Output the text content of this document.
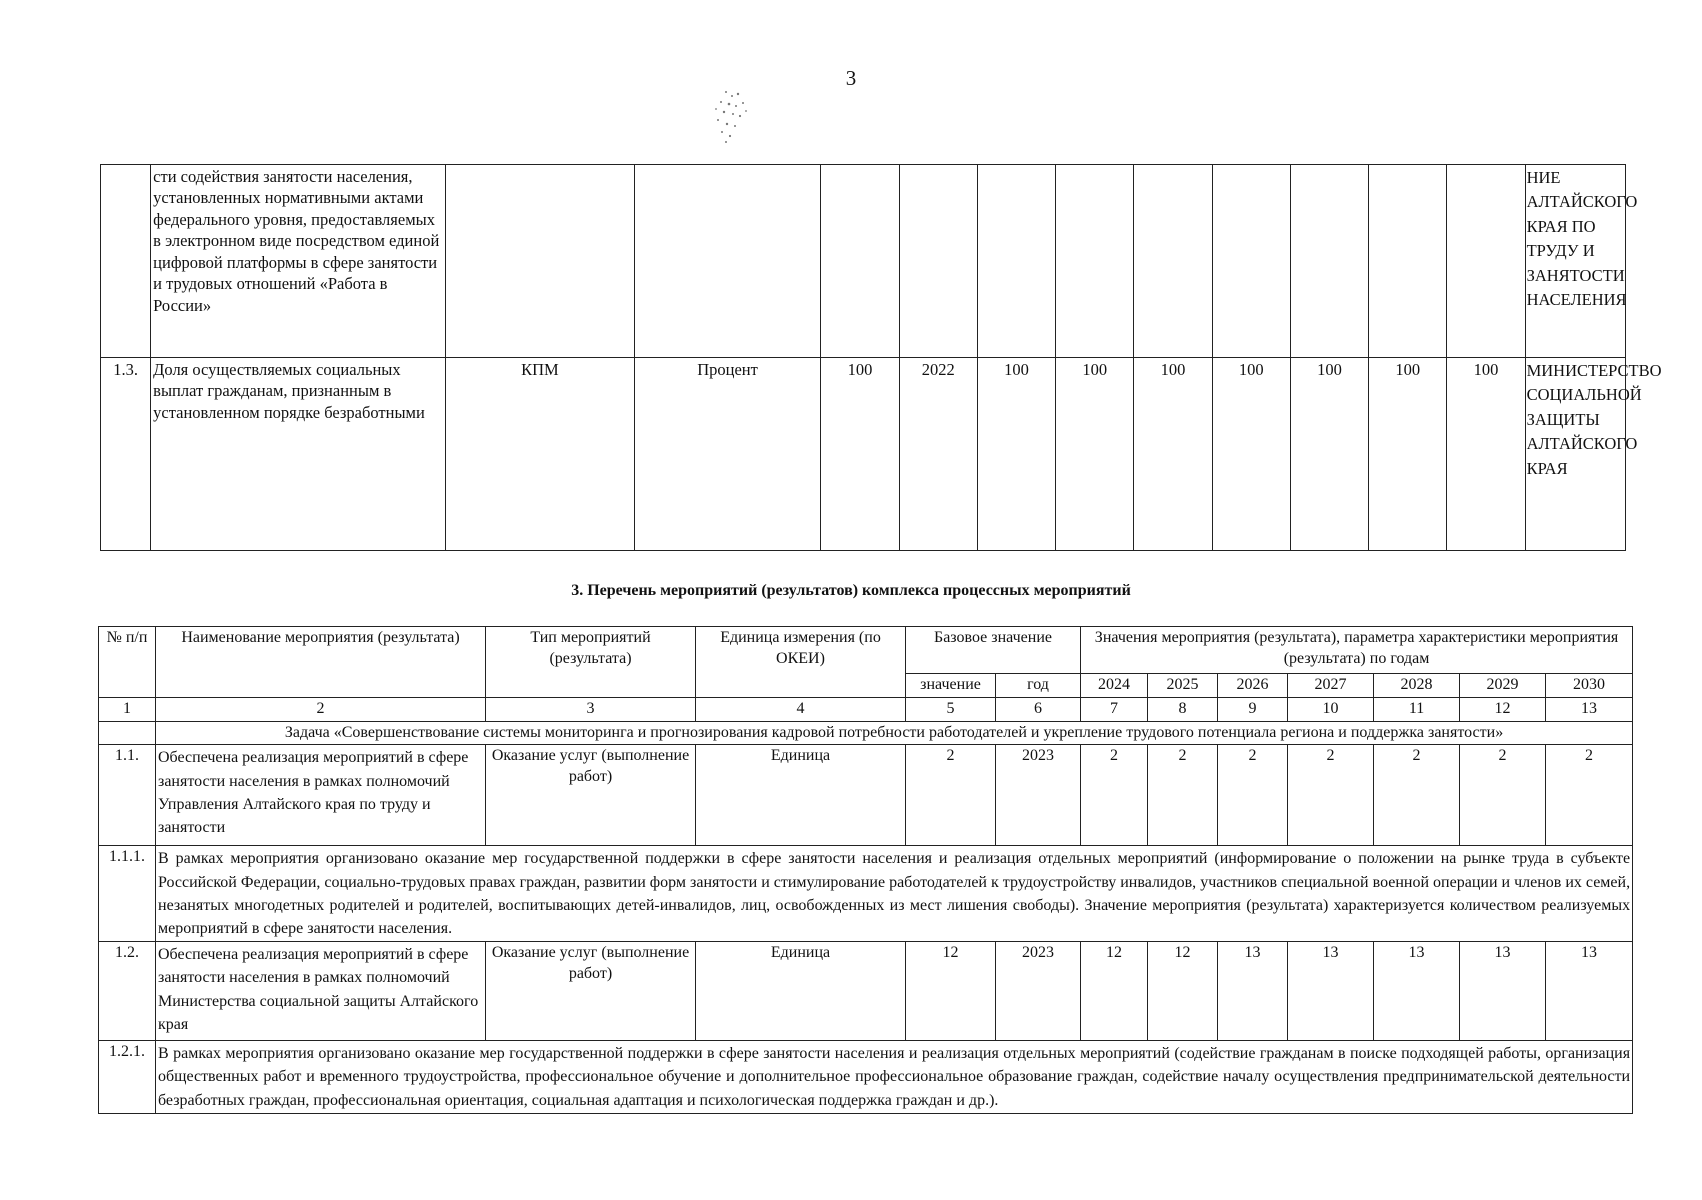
3
	сти содействия занятости населения, установленных нормативными актами федерального уровня, предоставляемых в электронном виде посредством единой цифровой платформы в сфере занятости и трудовых отношений «Работа в России»												НИЕ АЛТАЙСКОГО КРАЯ ПО ТРУДУ И ЗАНЯТОСТИ НАСЕЛЕНИЯ
1.3.	Доля осуществляемых социальных выплат гражданам, признанным в установленном порядке безработными	КПМ	Процент	100	2022	100	100	100	100	100	100	100	МИНИСТЕРСТВО СОЦИАЛЬНОЙ ЗАЩИТЫ АЛТАЙСКОГО КРАЯ
3. Перечень мероприятий (результатов) комплекса процессных мероприятий
№ п/п	Наименование мероприятия (результата)	Тип мероприятий (результата)	Единица измерения (по ОКЕИ)	Базовое значение		Значения мероприятия (результата), параметра характеристики мероприятия (результата) по годам						
				значение	год	2024	2025	2026	2027	2028	2029	2030
1	2	3	4	5	6	7	8	9	10	11	12	13
	Задача «Совершенствование системы мониторинга и прогнозирования кадровой потребности работодателей и укрепление трудового потенциала региона и поддержка занятости»											
1.1.	Обеспечена реализация мероприятий в сфере занятости населения в рамках полномочий Управления Алтайского края по труду и занятости	Оказание услуг (выполнение работ)	Единица	2	2023	2	2	2	2	2	2	2
1.1.1.	В рамках мероприятия организовано оказание мер государственной поддержки в сфере занятости населения и реализация отдельных мероприятий (информирование о положении на рынке труда в субъекте Российской Федерации, социально-трудовых правах граждан, развитии форм занятости и стимулирование работодателей к трудоустройству инвалидов, участников специальной военной операции и членов их семей, незанятых многодетных родителей и родителей, воспитывающих детей-инвалидов, лиц, освобожденных из мест лишения свободы). Значение мероприятия (результата) характеризуется количеством реализуемых мероприятий в сфере занятости населения.											
1.2.	Обеспечена реализация мероприятий в сфере занятости населения в рамках полномочий Министерства социальной защиты Алтайского края	Оказание услуг (выполнение работ)	Единица	12	2023	12	12	13	13	13	13	13
1.2.1.	В рамках мероприятия организовано оказание мер государственной поддержки в сфере занятости населения и реализация отдельных мероприятий (содействие гражданам в поиске подходящей работы, организация общественных работ и временного трудоустройства, профессиональное обучение и дополнительное профессиональное образование граждан, содействие началу осуществления предпринимательской деятельности безработных граждан, профессиональная ориентация, социальная адаптация и психологическая поддержка граждан и др.).											
